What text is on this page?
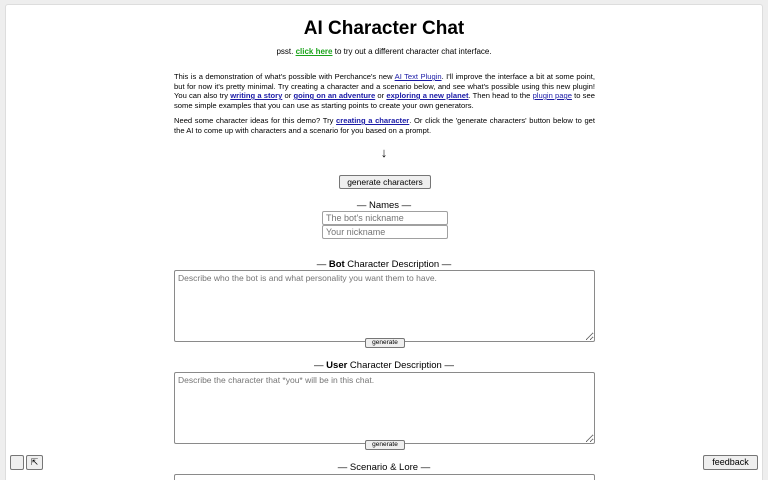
AI Character Chat
psst. click here to try out a different character chat interface.

This is a demonstration of what's possible with Perchance's new AI Text Plugin. I'll improve the interface a bit at some point, but for now it's pretty minimal. Try creating a character and a scenario below, and see what's possible using this new plugin! You can also try writing a story or going on an adventure or exploring a new planet. Then head to the plugin page to see some simple examples that you can use as starting points to create your own generators.

Need some character ideas for this demo? Try creating a character. Or click the 'generate characters' button below to get the AI to come up with characters and a scenario for you based on a prompt.

↓
generate characters
— Names —
The bot's nickname
Your nickname
— Bot Character Description —
Describe who the bot is and what personality you want them to have.
generate
— User Character Description —
Describe the character that *you* will be in this chat.
generate
— Scenario & Lore —
⇱	feedback
